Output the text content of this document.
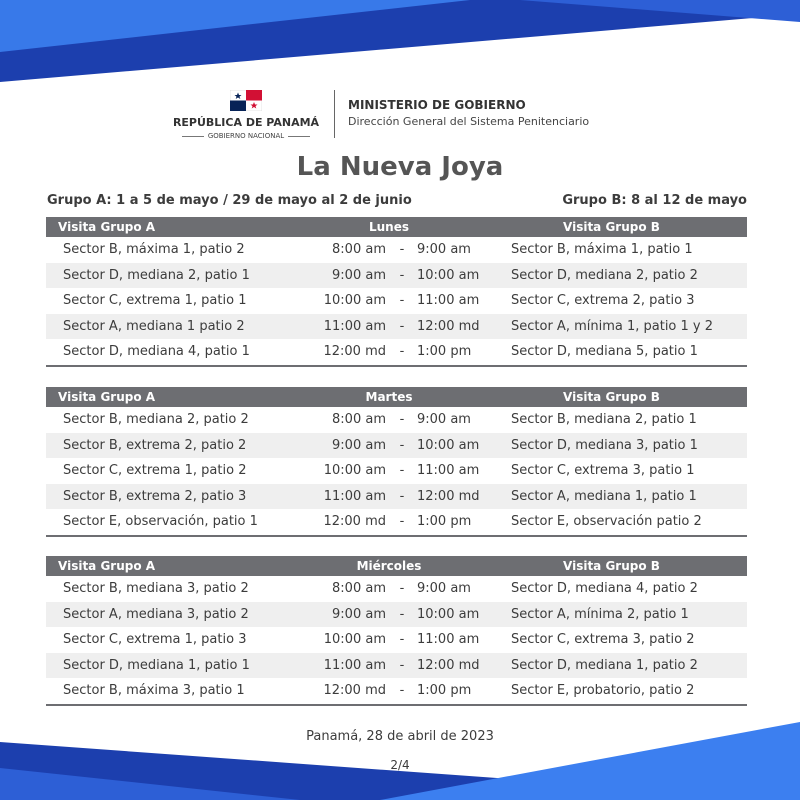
REPÚBLICA DE PANAMÁ
GOBIERNO NACIONAL
MINISTERIO DE GOBIERNO
Dirección General del Sistema Penitenciario
La Nueva Joya
Grupo A: 1 a 5 de mayo / 29 de mayo al 2 de junio	Grupo B: 8 al 12 de mayo
Visita Grupo A	Lunes	Visita Grupo B
Sector B, máxima 1, patio 2	8:00 am - 9:00 am	Sector B, máxima 1, patio 1
Sector D, mediana 2, patio 1	9:00 am - 10:00 am Sector D, mediana 2, patio 2
Sector C, extrema 1, patio 1	10:00 am - 11:00 am Sector C, extrema 2, patio 3
Sector A, mediana 1 patio 2	11:00 am - 12:00 md Sector A, mínima 1, patio 1 y 2
Sector D, mediana 4, patio 1	12:00 md - 1:00 pm	Sector D, mediana 5, patio 1
Visita Grupo A	Martes	Visita Grupo B
Sector B, mediana 2, patio 2	8:00 am - 9:00 am	Sector B, mediana 2, patio 1
Sector B, extrema 2, patio 2	9:00 am - 10:00 am Sector D, mediana 3, patio 1
Sector C, extrema 1, patio 2	10:00 am - 11:00 am Sector C, extrema 3, patio 1
Sector B, extrema 2, patio 3	11:00 am - 12:00 md Sector A, mediana 1, patio 1
Sector E, observación, patio 1	12:00 md - 1:00 pm	Sector E, observación patio 2
Visita Grupo A	Miércoles	Visita Grupo B
Sector B, mediana 3, patio 2	8:00 am - 9:00 am	Sector D, mediana 4, patio 2
Sector A, mediana 3, patio 2	9:00 am - 10:00 am Sector A, mínima 2, patio 1
Sector C, extrema 1, patio 3	10:00 am - 11:00 am Sector C, extrema 3, patio 2
Sector D, mediana 1, patio 1	11:00 am - 12:00 md Sector D, mediana 1, patio 2
Sector B, máxima 3, patio 1	12:00 md - 1:00 pm	Sector E, probatorio, patio 2
Panamá, 28 de abril de 2023
2/4
